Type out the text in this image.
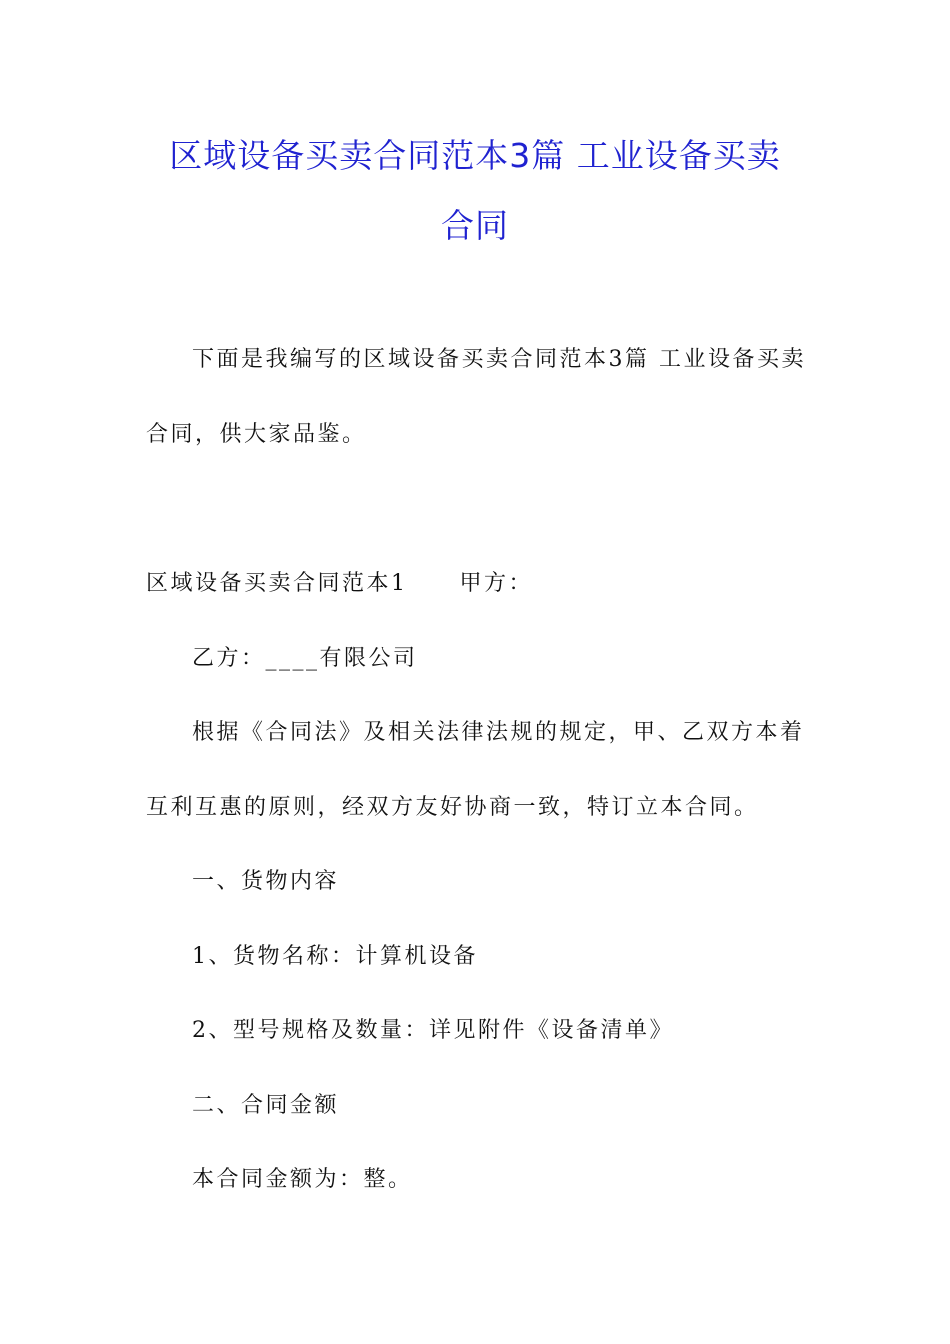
区域设备买卖合同范本3篇 工业设备买卖
合同

下面是我编写的区域设备买卖合同范本3篇 工业设备买卖

合同，供大家品鉴。

区域设备买卖合同范本1 甲方：

乙方：____有限公司

根据《合同法》及相关法律法规的规定，甲、乙双方本着

互利互惠的原则，经双方友好协商一致，特订立本合同。

一、货物内容

1、货物名称：计算机设备

2、型号规格及数量：详见附件《设备清单》

二、合同金额

本合同金额为：整。
